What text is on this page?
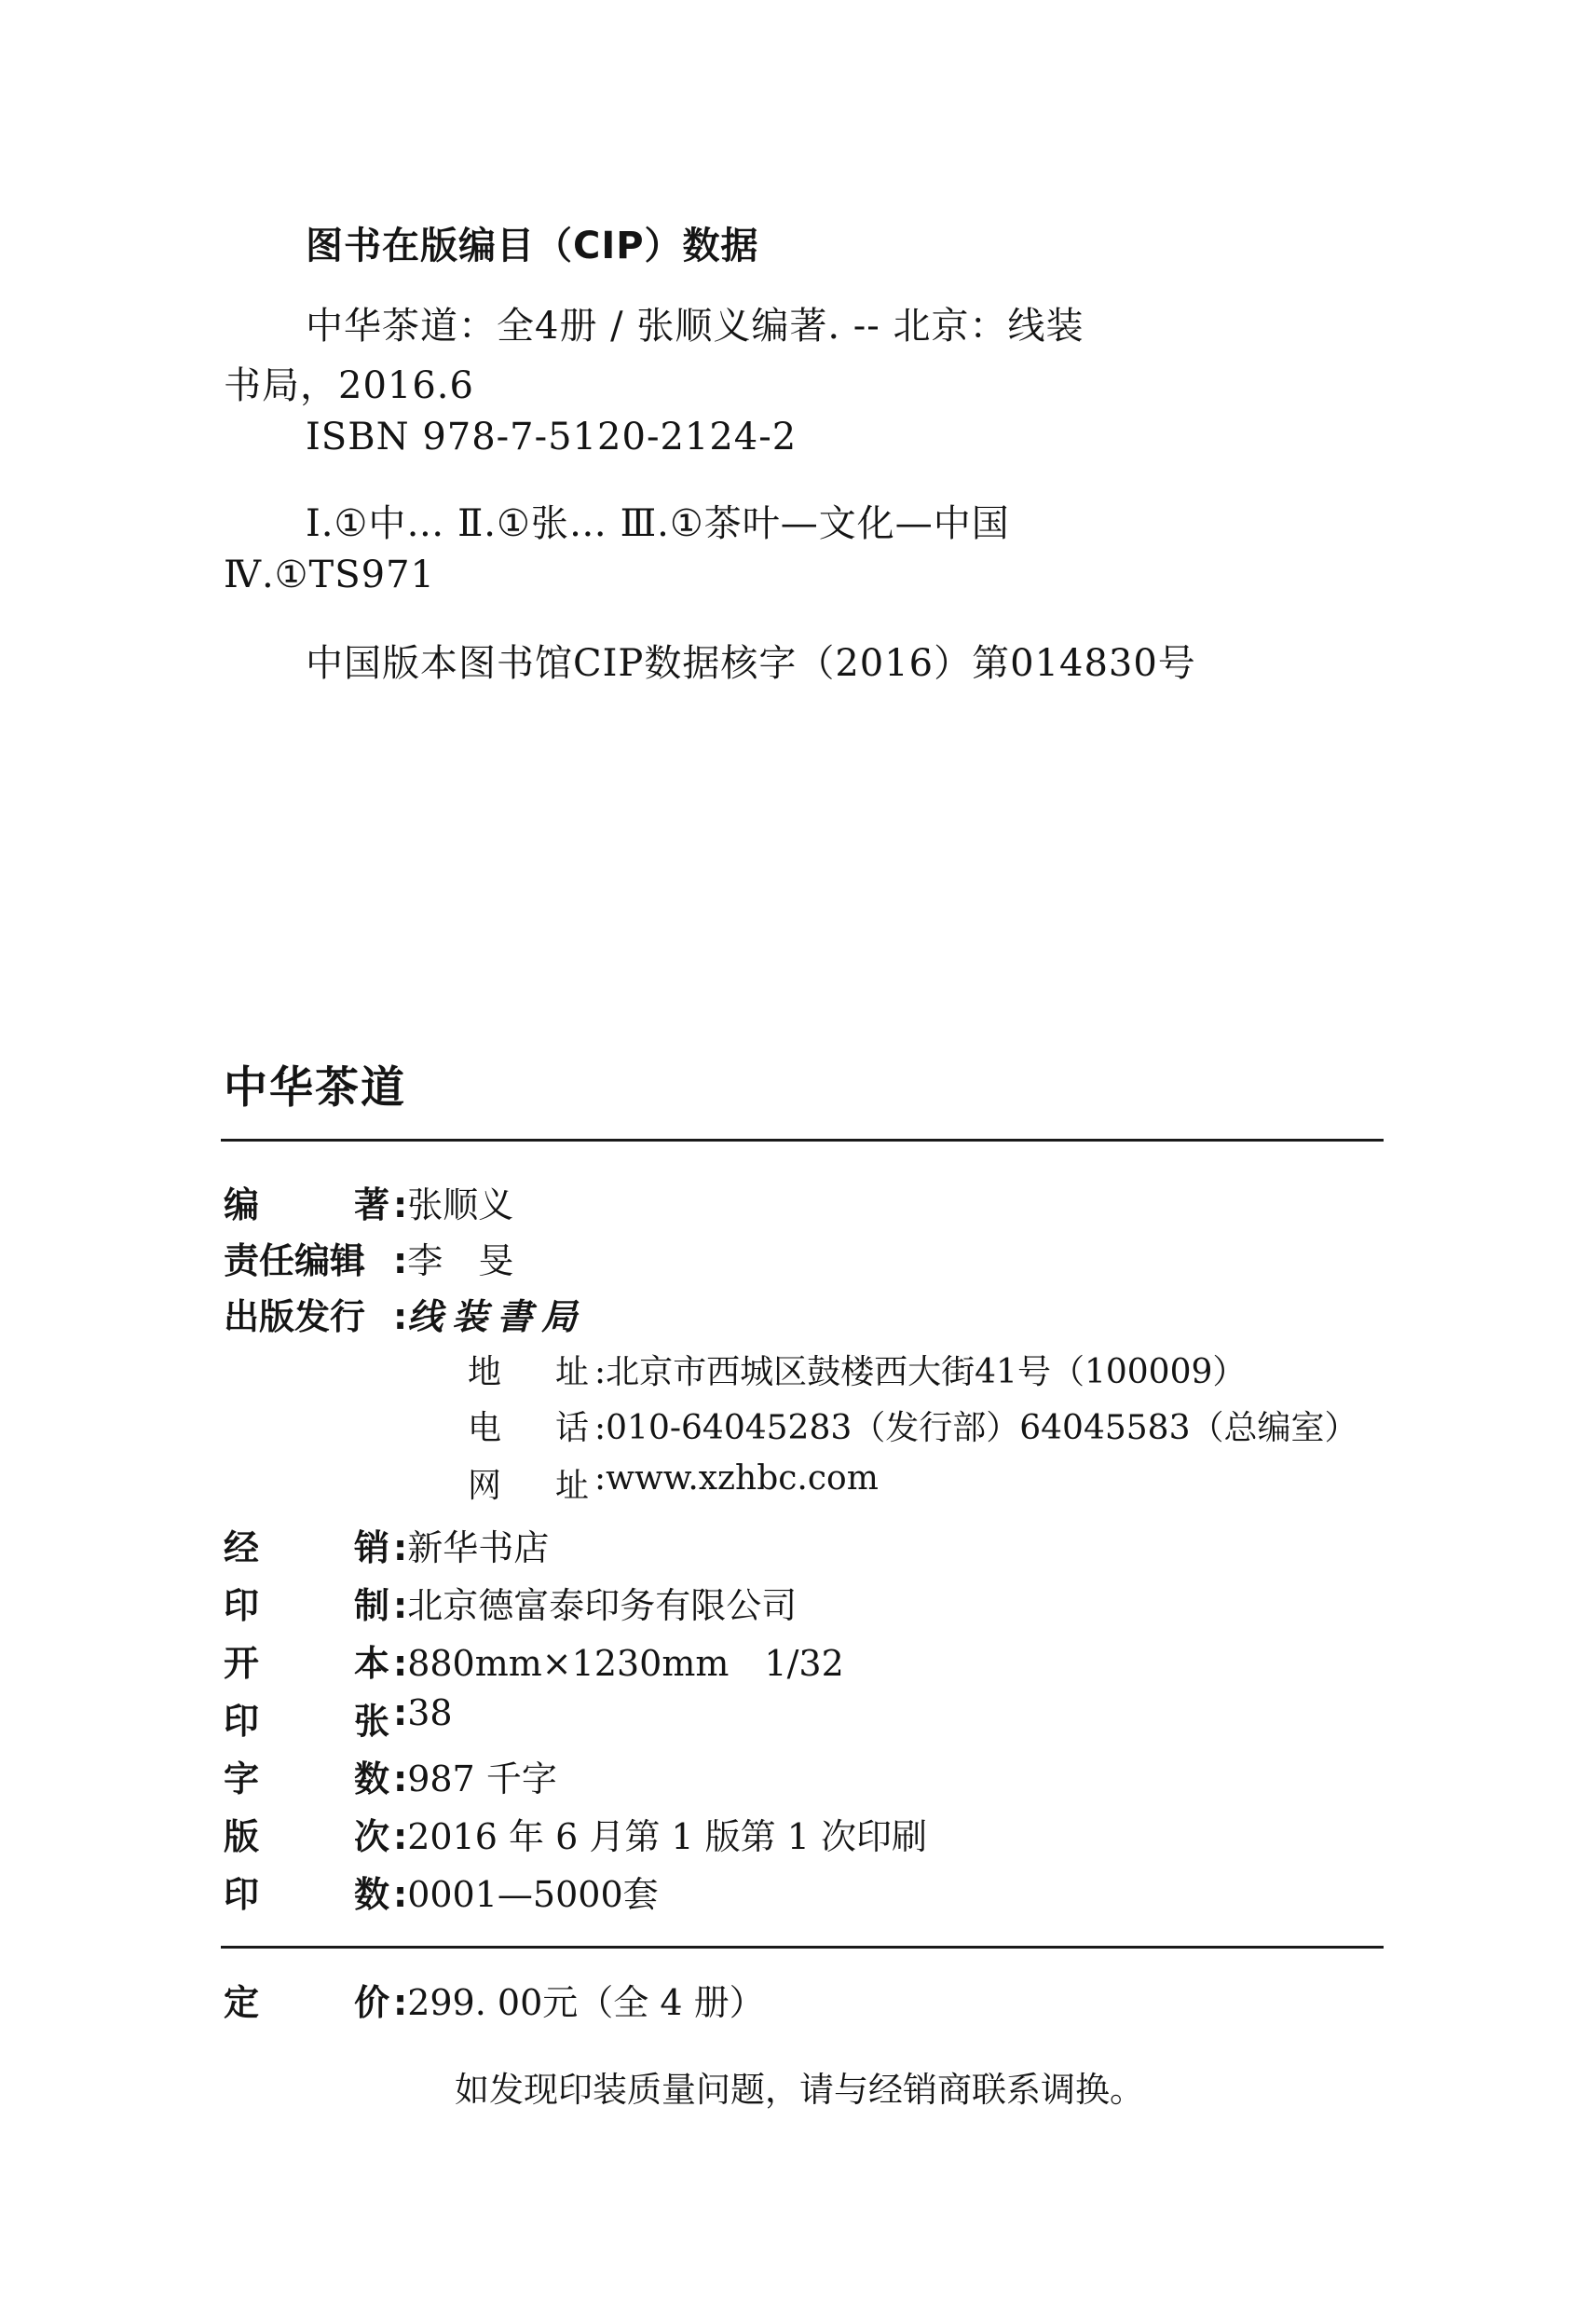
图书在版编目（CIP）数据
中华茶道：全4册 / 张顺义编著. -- 北京：线装
书局，2016.6
ISBN 978-7-5120-2124-2
Ⅰ.①中… Ⅱ.①张… Ⅲ.①茶叶—文化—中国
Ⅳ.①TS971
中国版本图书馆CIP数据核字（2016）第014830号
中华茶道
编	著 :张顺义
责任编辑 :李　旻
出版发行 :线装書局
地 址 :北京市西城区鼓楼西大街41号（100009）
电 话 :010-64045283（发行部）64045583（总编室）
网 址 :www.xzhbc.com
经	销 :新华书店
印	制 :北京德富泰印务有限公司
开	本 :880mm×1230mm　1/32
印	张 :38
字	数 :987 千字
版	次 :2016 年 6 月第 1 版第 1 次印刷
印	数 :0001—5000套
定	价 :299. 00元（全 4 册）
如发现印装质量问题，请与经销商联系调换。
